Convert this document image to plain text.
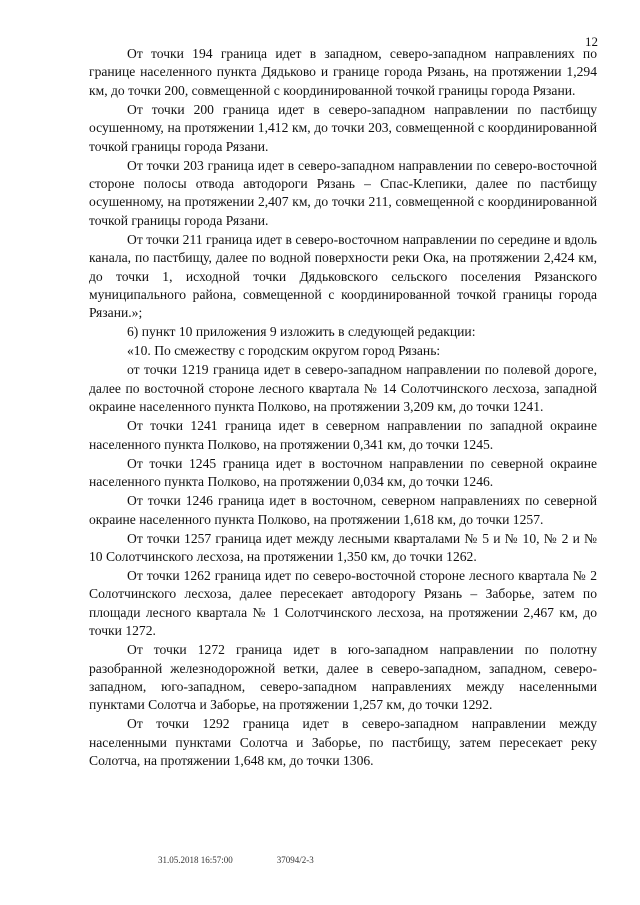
12

От точки 194 граница идет в западном, северо-западном направлениях по границе населенного пункта Дядьково и границе города Рязань, на протяжении 1,294 км, до точки 200, совмещенной с координированной точкой границы города Рязани.

От точки 200 граница идет в северо-западном направлении по пастбищу осушенному, на протяжении 1,412 км, до точки 203, совмещенной с координированной точкой границы города Рязани.

От точки 203 граница идет в северо-западном направлении по северо-восточной стороне полосы отвода автодороги Рязань – Спас-Клепики, далее по пастбищу осушенному, на протяжении 2,407 км, до точки 211, совмещенной с координированной точкой границы города Рязани.

От точки 211 граница идет в северо-восточном направлении по середине и вдоль канала, по пастбищу, далее по водной поверхности реки Ока, на протяжении 2,424 км, до точки 1, исходной точки Дядьковского сельского поселения Рязанского муниципального района, совмещенной с координированной точкой границы города Рязани.»;

6) пункт 10 приложения 9 изложить в следующей редакции:

«10. По смежеству с городским округом город Рязань:

от точки 1219 граница идет в северо-западном направлении по полевой дороге, далее по восточной стороне лесного квартала № 14 Солотчинского лесхоза, западной окраине населенного пункта Полково, на протяжении 3,209 км, до точки 1241.

От точки 1241 граница идет в северном направлении по западной окраине населенного пункта Полково, на протяжении 0,341 км, до точки 1245.

От точки 1245 граница идет в восточном направлении по северной окраине населенного пункта Полково, на протяжении 0,034 км, до точки 1246.

От точки 1246 граница идет в восточном, северном направлениях по северной окраине населенного пункта Полково, на протяжении 1,618 км, до точки 1257.

От точки 1257 граница идет между лесными кварталами № 5 и № 10, № 2 и № 10 Солотчинского лесхоза, на протяжении 1,350 км, до точки 1262.

От точки 1262 граница идет по северо-восточной стороне лесного квартала № 2 Солотчинского лесхоза, далее пересекает автодорогу Рязань – Заборье, затем по площади лесного квартала № 1 Солотчинского лесхоза, на протяжении 2,467 км, до точки 1272.

От точки 1272 граница идет в юго-западном направлении по полотну разобранной железнодорожной ветки, далее в северо-западном, западном, северо-западном, юго-западном, северо-западном направлениях между населенными пунктами Солотча и Заборье, на протяжении 1,257 км, до точки 1292.

От точки 1292 граница идет в северо-западном направлении между населенными пунктами Солотча и Заборье, по пастбищу, затем пересекает реку Солотча, на протяжении 1,648 км, до точки 1306.

31.05.2018 16:57:00	37094/2-3
